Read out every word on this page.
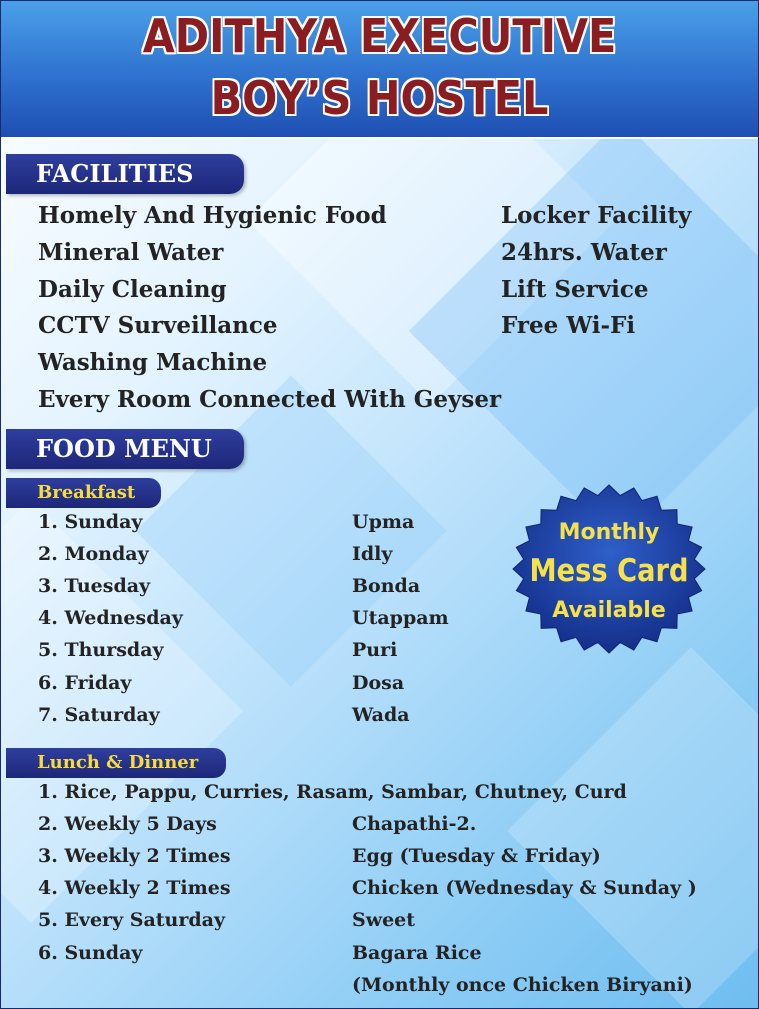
ADITHYA EXECUTIVE
BOY’S HOSTEL
FACILITIES
Homely And Hygienic Food
Mineral Water
Daily Cleaning
CCTV Surveillance
Washing Machine
Every Room Connected With Geyser
Locker Facility
24hrs. Water
Lift Service
Free Wi-Fi
FOOD MENU
Breakfast
1. Sunday
2. Monday
3. Tuesday
4. Wednesday
5. Thursday
6. Friday
7. Saturday
Upma
Idly
Bonda
Utappam
Puri
Dosa
Wada
Monthly
Mess Card
Available
Lunch & Dinner
1. Rice, Pappu, Curries, Rasam, Sambar, Chutney, Curd
2. Weekly 5 Days
3. Weekly 2 Times
4. Weekly 2 Times
5. Every Saturday
6. Sunday
Chapathi-2.
Egg (Tuesday & Friday)
Chicken (Wednesday & Sunday )
Sweet
Bagara Rice
(Monthly once Chicken Biryani)
